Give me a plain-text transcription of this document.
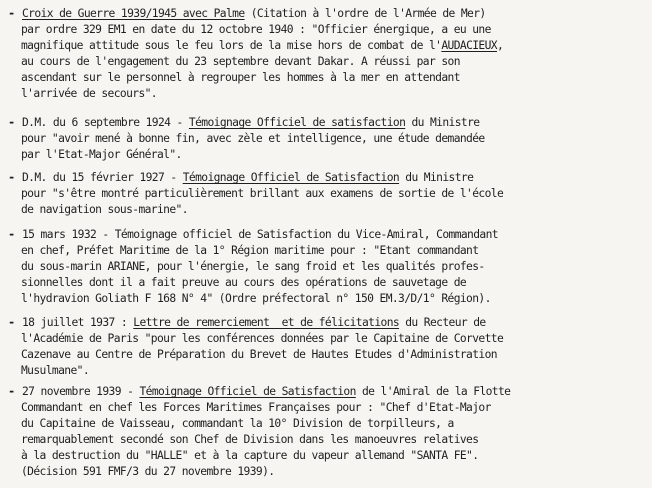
- Croix de Guerre 1939/1945 avec Palme (Citation à l'ordre de l'Armée de Mer)
par ordre 329 EM1 en date du 12 octobre 1940 : "Officier énergique, a eu une
magnifique attitude sous le feu lors de la mise hors de combat de l'AUDACIEUX,
au cours de l'engagement du 23 septembre devant Dakar. A réussi par son
ascendant sur le personnel à regrouper les hommes à la mer en attendant
l'arrivée de secours".
- D.M. du 6 septembre 1924 - Témoignage Officiel de satisfaction du Ministre
pour "avoir mené à bonne fin, avec zèle et intelligence, une étude demandée
par l'Etat-Major Général".
- D.M. du 15 février 1927 - Témoignage Officiel de Satisfaction du Ministre
pour "s'être montré particulièrement brillant aux examens de sortie de l'école
de navigation sous-marine".
- 15 mars 1932 - Témoignage officiel de Satisfaction du Vice-Amiral, Commandant
en chef, Préfet Maritime de la 1° Région maritime pour : "Etant commandant
du sous-marin ARIANE, pour l'énergie, le sang froid et les qualités profes-
sionnelles dont il a fait preuve au cours des opérations de sauvetage de
l'hydravion Goliath F 168 N° 4" (Ordre préfectoral n° 150 EM.3/D/1° Région).
- 18 juillet 1937 : Lettre de remerciement  et de félicitations du Recteur de
l'Académie de Paris "pour les conférences données par le Capitaine de Corvette
Cazenave au Centre de Préparation du Brevet de Hautes Etudes d'Administration
Musulmane".
- 27 novembre 1939 - Témoignage Officiel de Satisfaction de l'Amiral de la Flotte
Commandant en chef les Forces Maritimes Françaises pour : "Chef d'Etat-Major
du Capitaine de Vaisseau, commandant la 10° Division de torpilleurs, a
remarquablement secondé son Chef de Division dans les manoeuvres relatives
à la destruction du "HALLE" et à la capture du vapeur allemand "SANTA FE".
(Décision 591 FMF/3 du 27 novembre 1939).
